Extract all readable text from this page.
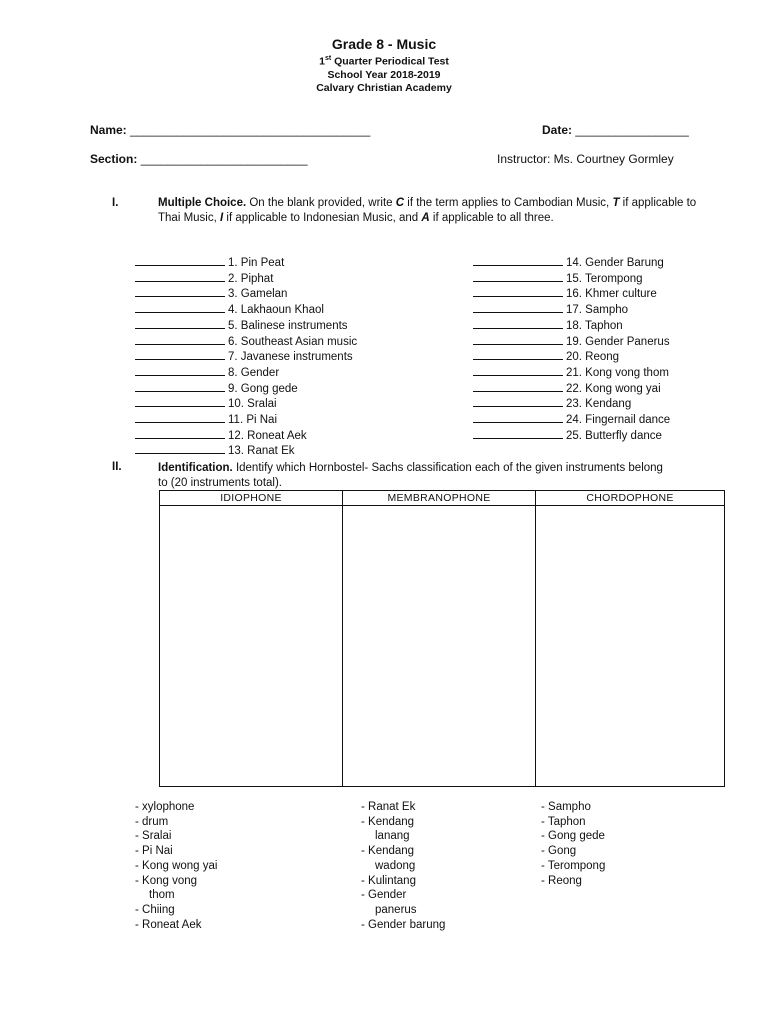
Grade 8 - Music
1st Quarter Periodical Test
School Year 2018-2019
Calvary Christian Academy
Name: ____________________________________	Date: _________________
Section: _________________________	Instructor: Ms. Courtney Gormley
I.	Multiple Choice. On the blank provided, write C if the term applies to Cambodian Music, T if applicable to Thai Music, I if applicable to Indonesian Music, and A if applicable to all three.
1. Pin Peat
2. Piphat
3. Gamelan
4. Lakhaoun Khaol
5. Balinese instruments
6. Southeast Asian music
7. Javanese instruments
8. Gender
9. Gong gede
10. Sralai
11. Pi Nai
12. Roneat Aek
13. Ranat Ek
14. Gender Barung
15. Terompong
16. Khmer culture
17. Sampho
18. Taphon
19. Gender Panerus
20. Reong
21. Kong vong thom
22. Kong wong yai
23. Kendang
24. Fingernail dance
25. Butterfly dance
II.	Identification. Identify which Hornbostel- Sachs classification each of the given instruments belong
to (20 instruments total).
IDIOPHONE	MEMBRANOPHONE	CHORDOPHONE

- xylophone
- drum
- Sralai
- Pi Nai
- Kong wong yai
- Kong vong
thom
- Chiing
- Roneat Aek
- Ranat Ek
- Kendang
lanang
- Kendang
wadong
- Kulintang
- Gender
panerus
- Gender barung
- Sampho
- Taphon
- Gong gede
- Gong
- Terompong
- Reong
